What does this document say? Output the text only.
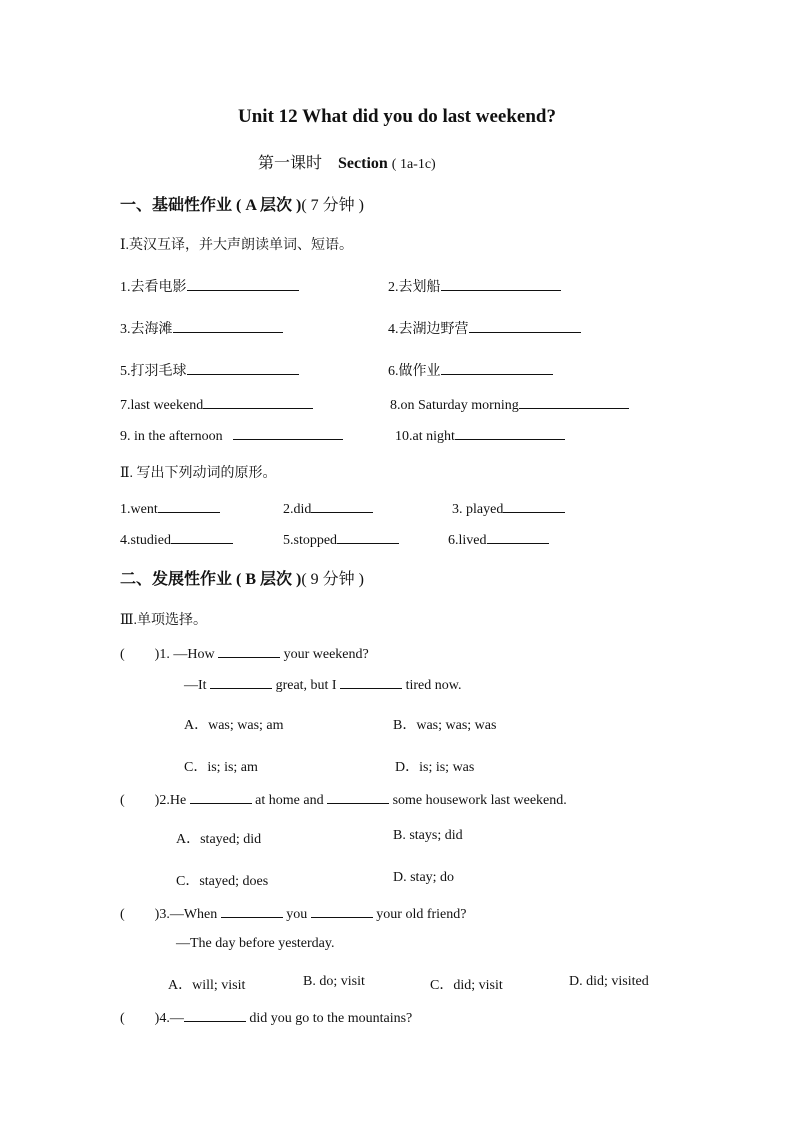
Unit 12 What did you do last weekend?
第一课时 Section ( 1a-1c)
一、基础性作业 ( A 层次 )( 7 分钟 )
Ⅰ.英汉互译，并大声朗读单词、短语。
1.去看电影	2.去划船
3.去海滩	4.去湖边野营
5.打羽毛球	6.做作业
7.last weekend	8.on Saturday morning
9. in the afternoon	10.at night
Ⅱ. 写出下列动词的原形。
1.went	2.did	3. played
4.studied	5.stopped	6.lived
二、发展性作业 ( B 层次 )( 9 分钟 )
Ⅲ.单项选择。
( )1. —How	your weekend?
—It	great, but I	tired now.
A．was; was; am	B．was; was; was
C．is; is; am	D．is; is; was
( )2.He	at home and	some housework last weekend.
A．stayed; did	B. stays; did
C．stayed; does	D. stay; do
( )3.—When	you	your old friend?
—The day before yesterday.
A．will; visit	B. do; visit	C．did; visit	D. did; visited
( )4.—	did you go to the mountains?
